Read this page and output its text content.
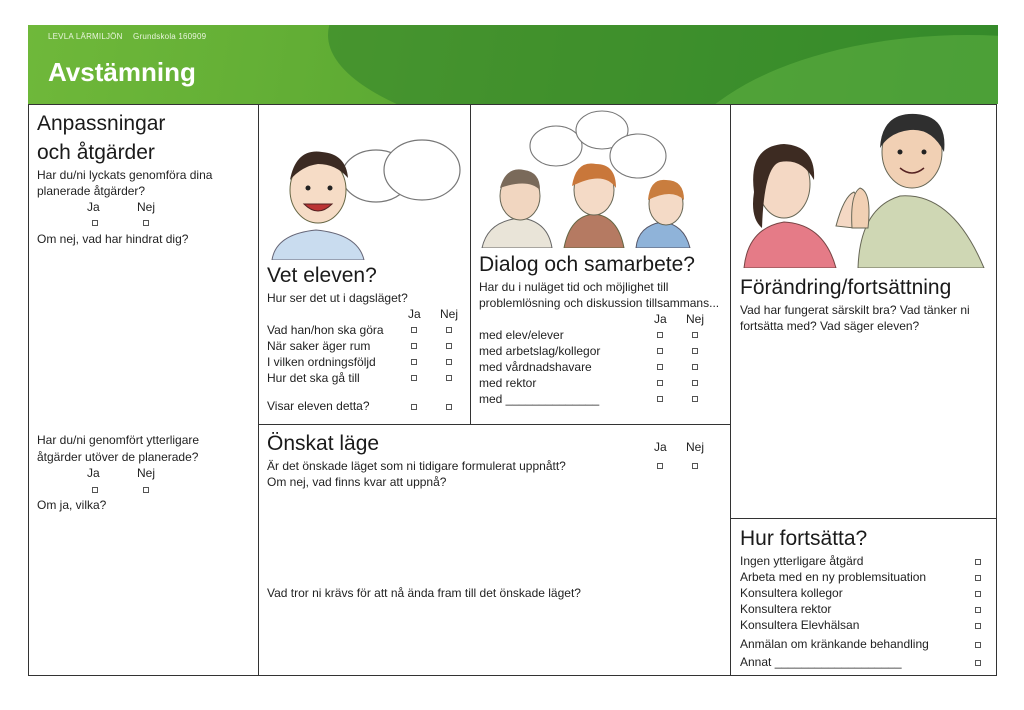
LEVLA LÄRMILJÖN Grundskola 160909
Avstämning
Anpassningar
och åtgärder
Har du/ni lyckats genomföra dina
planerade åtgärder?
Ja	Nej
Om nej, vad har hindrat dig?
Har du/ni genomfört ytterligare
åtgärder utöver de planerade?
Ja	Nej
Om ja, vilka?
Vet eleven?
Hur ser det ut i dagsläget?
Ja Nej
Vad han/hon ska göra
När saker äger rum
I vilken ordningsföljd
Hur det ska gå till
Visar eleven detta?
Dialog och samarbete?
Har du i nuläget tid och möjlighet till
problemlösning och diskussion tillsammans...
Ja Nej
med elev/elever
med arbetslag/kollegor
med vårdnadshavare
med rektor
med ______________
Förändring/fortsättning
Vad har fungerat särskilt bra? Vad tänker ni
fortsätta med? Vad säger eleven?
Önskat läge	Ja Nej
Är det önskade läget som ni tidigare formulerat uppnått?
Om nej, vad finns kvar att uppnå?
Vad tror ni krävs för att nå ända fram till det önskade läget?
Hur fortsätta?
Ingen ytterligare åtgärd
Arbeta med en ny problemsituation
Konsultera kollegor
Konsultera rektor
Konsultera Elevhälsan
Anmälan om kränkande behandling
Annat ___________________
